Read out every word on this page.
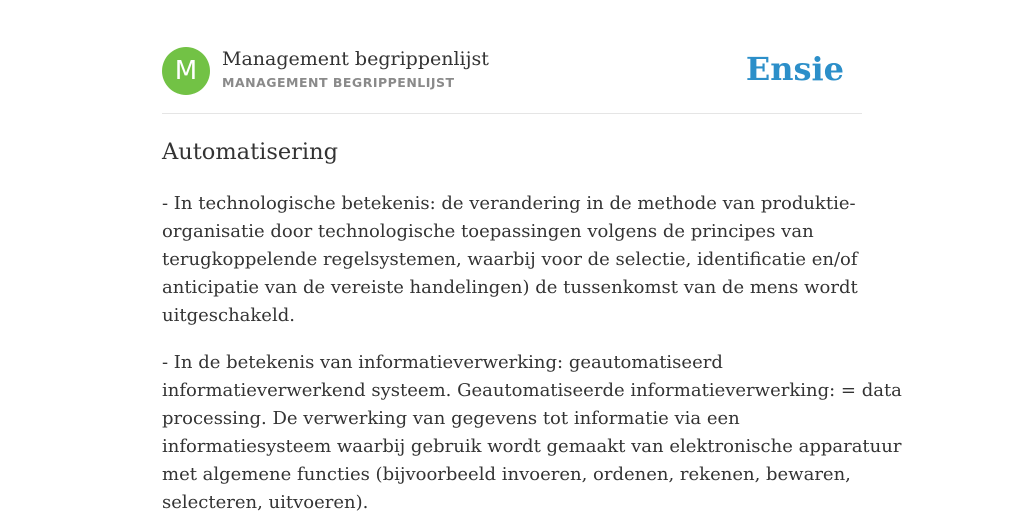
M	Management begrippenlijst
MANAGEMENT BEGRIPPENLIJST	Ensie
Automatisering

- In technologische betekenis: de verandering in de methode van produktie-
organisatie door technologische toepassingen volgens de principes van
terugkoppelende regelsystemen, waarbij voor de selectie, identificatie en/of
anticipatie van de vereiste handelingen) de tussenkomst van de mens wordt
uitgeschakeld.

- In de betekenis van informatieverwerking: geautomatiseerd
informatieverwerkend systeem. Geautomatiseerde informatieverwerking: = data
processing. De verwerking van gegevens tot informatie via een
informatiesysteem waarbij gebruik wordt gemaakt van elektronische apparatuur
met algemene functies (bijvoorbeeld invoeren, ordenen, rekenen, bewaren,
selecteren, uitvoeren).
